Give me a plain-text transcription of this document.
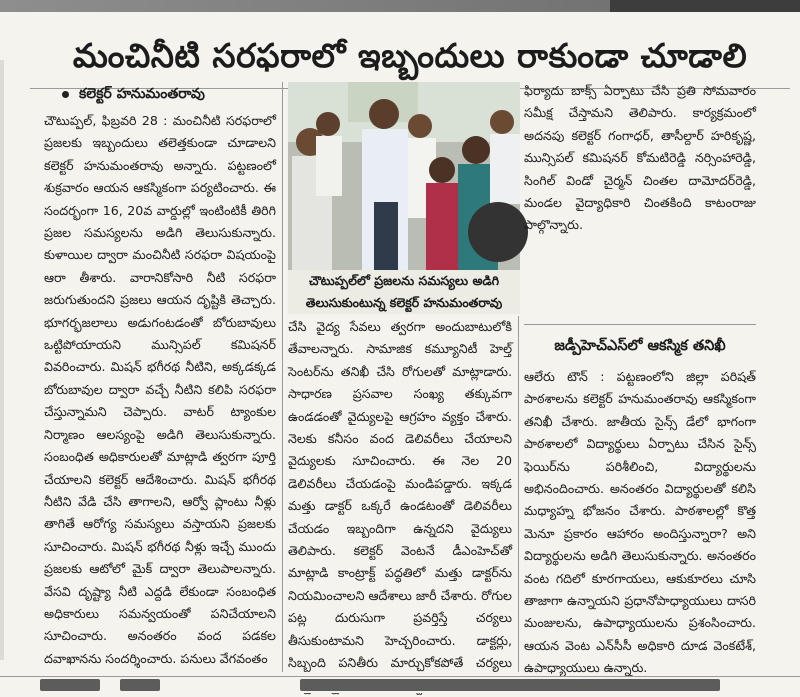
మంచినీటి సరఫరాలో ఇబ్బందులు రాకుండా చూడాలి
కలెక్టర్ హనుమంతరావు
చౌటుప్పల్, ఫిబ్రవరి 28 : మంచినీటి సరఫరాలో ప్రజలకు ఇబ్బందులు తలెత్తకుండా చూడాలని కలెక్టర్ హనుమంతరావు అన్నారు. పట్టణంలో శుక్రవారం ఆయన ఆకస్మికంగా పర్యటించారు. ఈ సందర్భంగా 16, 20వ వార్డుల్లో ఇంటింటికీ తిరిగి ప్రజల సమస్యలను అడిగి తెలుసుకున్నారు. కుళాయిల ద్వారా మంచినీటి సరఫరా విషయంపై ఆరా తీశారు. వారానికోసారి నీటి సరఫరా జరుగుతుందని ప్రజలు ఆయన దృష్టికి తెచ్చారు. భూగర్భజలాలు అడుగంటడంతో బోరుబావులు ఒట్టిపోయాయని మున్సిపల్ కమిషనర్ వివరించారు. మిషన్ భగీరథ నీటిని, అక్కడక్కడ బోరుబావుల ద్వారా వచ్చే నీటిని కలిపి సరఫరా చేస్తున్నామని చెప్పారు. వాటర్ ట్యాంకుల నిర్మాణం ఆలస్యంపై అడిగి తెలుసుకున్నారు. సంబంధిత అధికారులతో మాట్లాడి త్వరగా పూర్తి చేయాలని కలెక్టర్ ఆదేశించారు. మిషన్ భగీరథ నీటిని వేడి చేసి తాగాలని, ఆర్వో ప్లాంటు నీళ్లు తాగితే ఆరోగ్య సమస్యలు వస్తాయని ప్రజలకు సూచించారు. మిషన్ భగీరథ నీళ్లు ఇచ్చే ముందు ప్రజలకు ఆటోలో మైక్ ద్వారా తెలుపాలన్నారు. వేసవి దృష్ట్యా నీటి ఎద్దడి లేకుండా సంబంధిత అధికారులు సమన్వయంతో పనిచేయాలని సూచించారు. అనంతరం వంద పడకల దవాఖానను సందర్శించారు. పనులు వేగవంతం
చౌటుప్పల్‌లో ప్రజలను సమస్యలు అడిగి
తెలుసుకుంటున్న కలెక్టర్ హనుమంతరావు
చేసి వైద్య సేవలు త్వరగా అందుబాటులోకి తేవాలన్నారు. సామాజిక కమ్యూనిటీ హెల్త్ సెంటర్‌ను తనిఖీ చేసి రోగులతో మాట్లాడారు. సాధారణ ప్రసవాల సంఖ్య తక్కువగా ఉండడంతో వైద్యులపై ఆగ్రహం వ్యక్తం చేశారు. నెలకు కనీసం వంద డెలివరీలు చేయాలని వైద్యులకు సూచించారు. ఈ నెల 20 డెలివరీలు చేయడంపై మండిపడ్డారు. ఇక్కడ మత్తు డాక్టర్ ఒక్కరే ఉండటంతో డెలివరీలు చేయడం ఇబ్బందిగా ఉన్నదని వైద్యులు తెలిపారు. కలెక్టర్ వెంటనే డీఎంహెచ్‌తో మాట్లాడి కాంట్రాక్ట్ పద్ధతిలో మత్తు డాక్టర్‌ను నియమించాలని ఆదేశాలు జారీ చేశారు. రోగుల పట్ల దురుసుగా ప్రవర్తిస్తే చర్యలు తీసుకుంటామని హెచ్చరించారు. డాక్టర్లు, సిబ్బంది పనితీరు మార్చుకోకపోతే చర్యలు
ఫిర్యాదు బాక్స్ ఏర్పాటు చేసి ప్రతి సోమవారం సమీక్ష చేస్తామని తెలిపారు. కార్యక్రమంలో అదనపు కలెక్టర్ గంగాధర్, తాసీల్దార్ హరికృష్ణ, మున్సిపల్ కమిషనర్ కోమటిరెడ్డి నర్సింహారెడ్డి, సింగిల్ విండో చైర్మన్ చింతల దామోదర్‌రెడ్డి, మండల వైద్యాధికారి చింతకింది కాటంరాజు పాల్గొన్నారు.
జడ్పీహెచ్‌ఎస్‌లో ఆకస్మిక తనిఖీ
ఆలేరు టౌన్ : పట్టణంలోని జిల్లా పరిషత్ పాఠశాలను కలెక్టర్ హనుమంతరావు ఆకస్మికంగా తనిఖీ చేశారు. జాతీయ సైన్స్ డేలో భాగంగా పాఠశాలలో విద్యార్థులు ఏర్పాటు చేసిన సైన్స్ ఫెయిర్‌ను పరిశీలించి, విద్యార్థులను అభినందించారు. అనంతరం విద్యార్థులతో కలిసి మధ్యాహ్న భోజనం చేశారు. పాఠశాలల్లో కొత్త మెనూ ప్రకారం ఆహారం అందిస్తున్నారా? అని విద్యార్థులను అడిగి తెలుసుకున్నారు. అనంతరం వంట గదిలో కూరగాయలు, ఆకుకూరలు చూసి తాజాగా ఉన్నాయని ప్రధానోపాధ్యాయులు దాసరి మంజులను, ఉపాధ్యాయులను ప్రశంసించారు. ఆయన వెంట ఎన్‌సీసీ అధికారి దూడ వెంకటేశ్, ఉపాధ్యాయులు ఉన్నారు.
